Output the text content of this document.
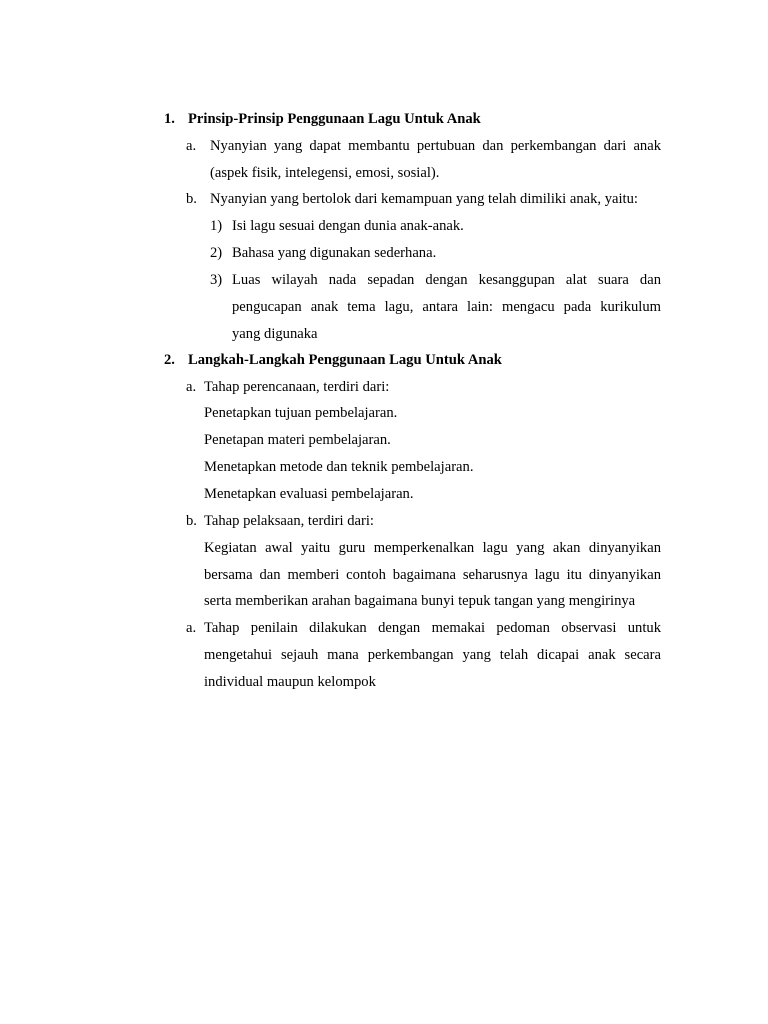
1. Prinsip-Prinsip Penggunaan Lagu Untuk Anak
a. Nyanyian yang dapat membantu pertubuan dan perkembangan dari anak
(aspek fisik, intelegensi, emosi, sosial).
b. Nyanyian yang bertolok dari kemampuan yang telah dimiliki anak, yaitu:
1) Isi lagu sesuai dengan dunia anak-anak.
2) Bahasa yang digunakan sederhana.
3) Luas wilayah nada sepadan dengan kesanggupan alat suara dan
pengucapan anak tema lagu, antara lain: mengacu pada kurikulum
yang digunaka
2. Langkah-Langkah Penggunaan Lagu Untuk Anak
a. Tahap perencanaan, terdiri dari:
Penetapkan tujuan pembelajaran.
Penetapan materi pembelajaran.
Menetapkan metode dan teknik pembelajaran.
Menetapkan evaluasi pembelajaran.
b. Tahap pelaksaan, terdiri dari:
Kegiatan awal yaitu guru memperkenalkan lagu yang akan dinyanyikan
bersama dan memberi contoh bagaimana seharusnya lagu itu dinyanyikan
serta memberikan arahan bagaimana bunyi tepuk tangan yang mengirinya
a. Tahap penilain dilakukan dengan memakai pedoman observasi untuk
mengetahui sejauh mana perkembangan yang telah dicapai anak secara
individual maupun kelompok
